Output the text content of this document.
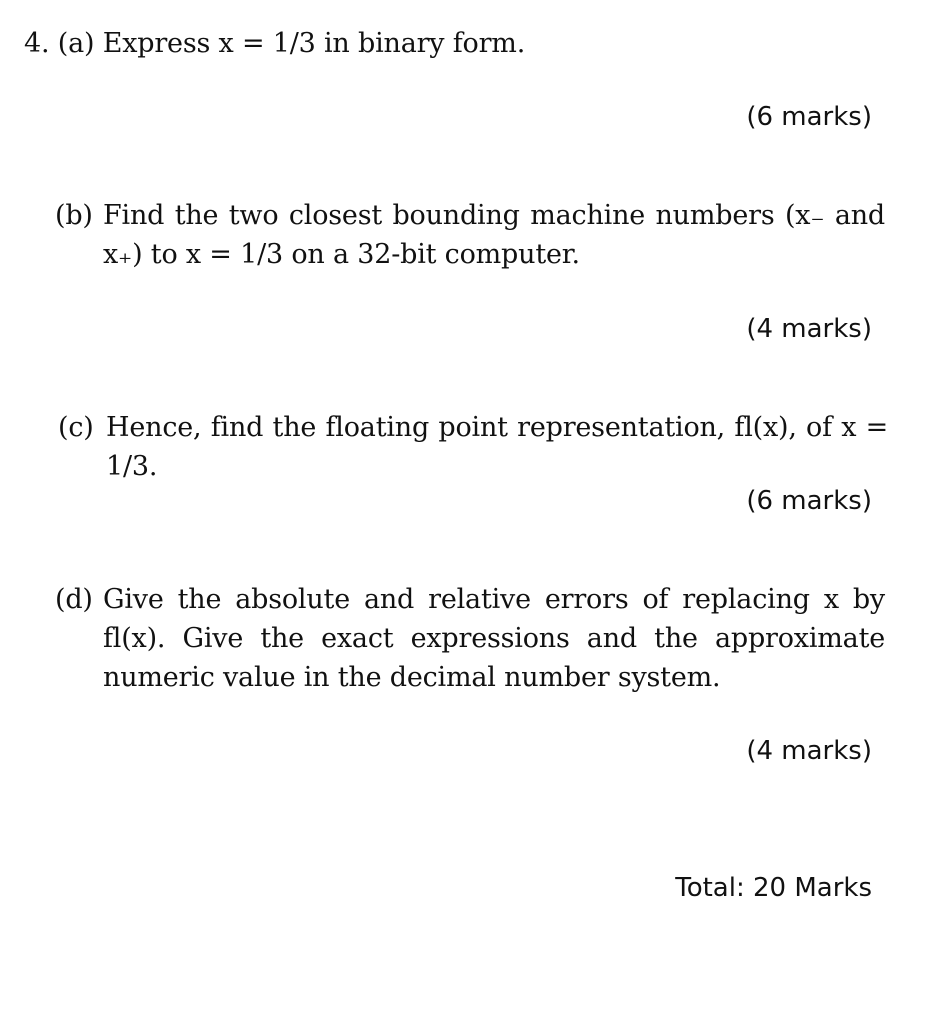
4. (a) Express x = 1/3 in binary form.
(6 marks)
(b) Find the two closest bounding machine numbers (x₋ and x₊) to x = 1/3 on a 32-bit computer.
(4 marks)
(c) Hence, find the floating point representation, fl(x), of x = 1/3.
(6 marks)
(d) Give the absolute and relative errors of replacing x by fl(x). Give the exact expressions and the approximate numeric value in the decimal number system.
(4 marks)
Total: 20 Marks
